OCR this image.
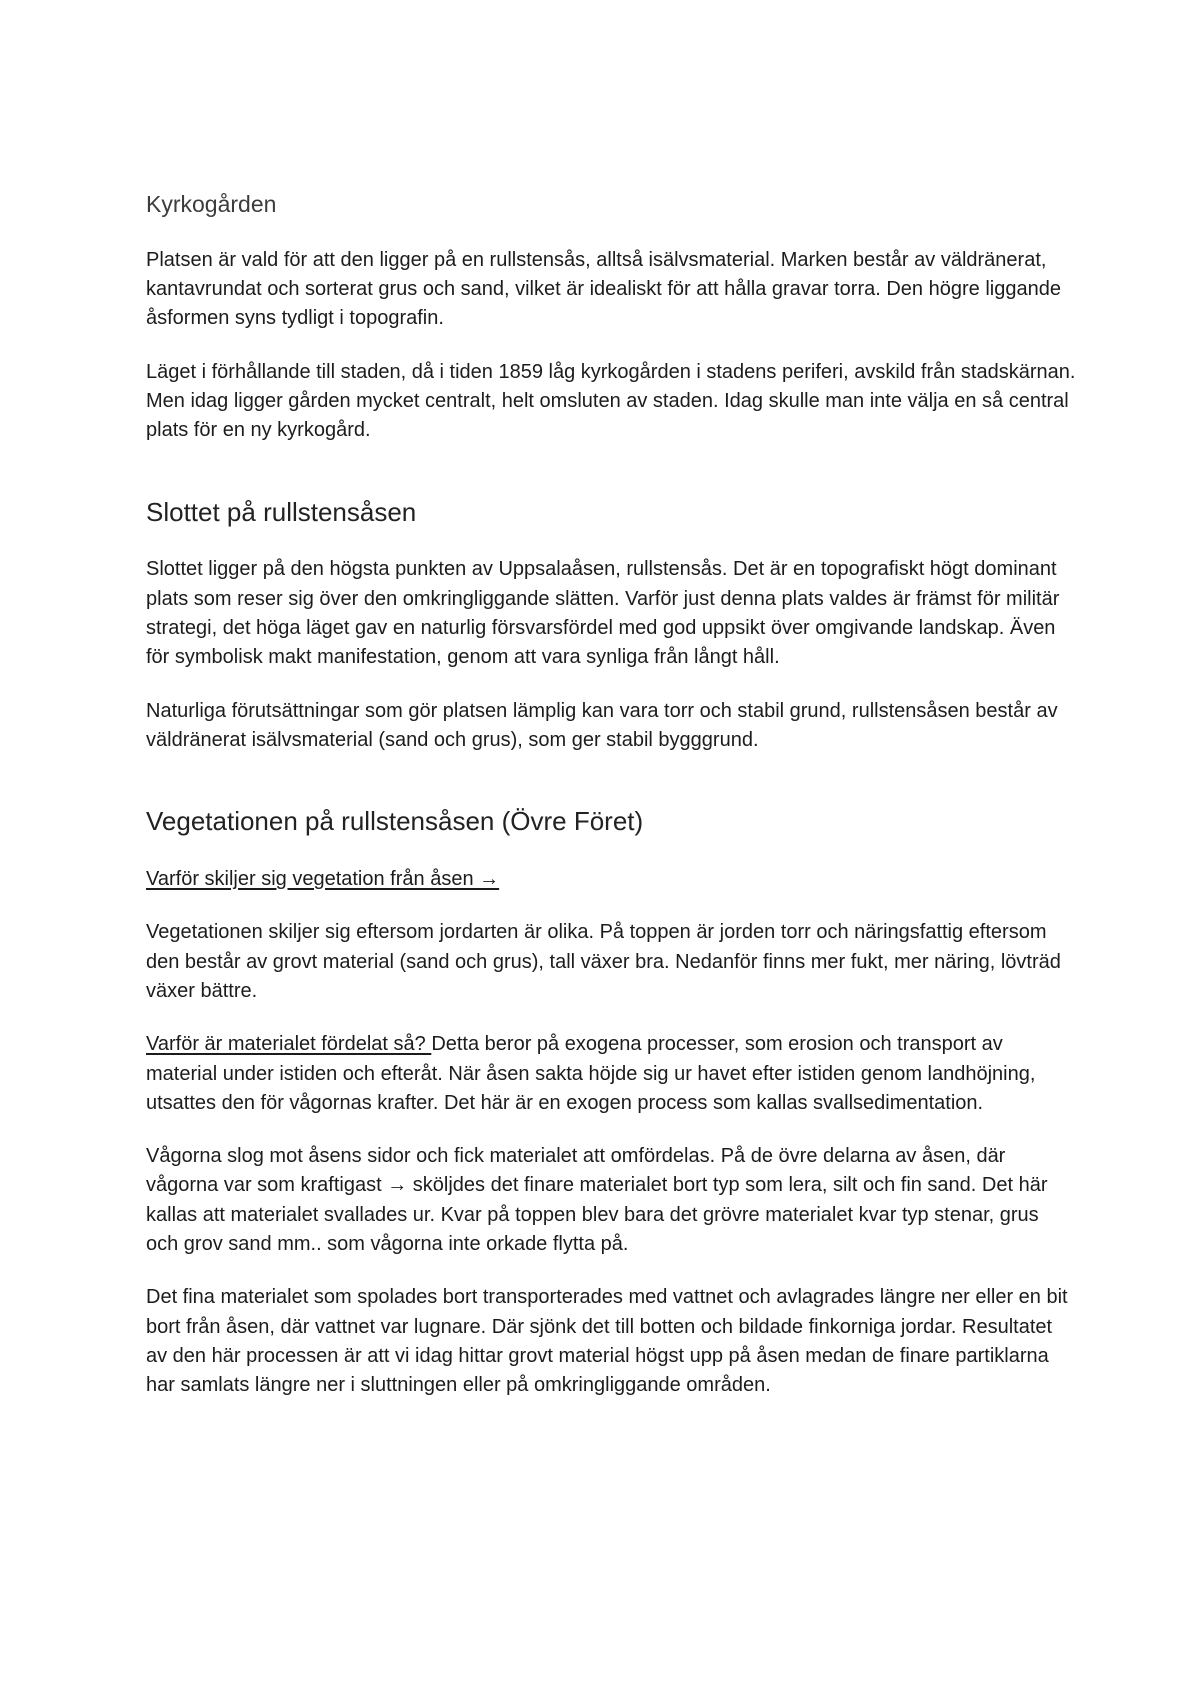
Kyrkogården

Platsen är vald för att den ligger på en rullstensås, alltså isälvsmaterial. Marken består av väldränerat, kantavrundat och sorterat grus och sand, vilket är idealiskt för att hålla gravar torra. Den högre liggande åsformen syns tydligt i topografin.

Läget i förhållande till staden, då i tiden 1859 låg kyrkogården i stadens periferi, avskild från stadskärnan. Men idag ligger gården mycket centralt, helt omsluten av staden. Idag skulle man inte välja en så central plats för en ny kyrkogård.

Slottet på rullstensåsen

Slottet ligger på den högsta punkten av Uppsalaåsen, rullstensås. Det är en topografiskt högt dominant plats som reser sig över den omkringliggande slätten. Varför just denna plats valdes är främst för militär strategi, det höga läget gav en naturlig försvarsfördel med god uppsikt över omgivande landskap. Även för symbolisk makt manifestation, genom att vara synliga från långt håll.

Naturliga förutsättningar som gör platsen lämplig kan vara torr och stabil grund, rullstensåsen består av väldränerat isälvsmaterial (sand och grus), som ger stabil bygggrund.

Vegetationen på rullstensåsen (Övre Föret)

Varför skiljer sig vegetation från åsen →

Vegetationen skiljer sig eftersom jordarten är olika. På toppen är jorden torr och näringsfattig eftersom den består av grovt material (sand och grus), tall växer bra. Nedanför finns mer fukt, mer näring, lövträd växer bättre.

Varför är materialet fördelat så? Detta beror på exogena processer, som erosion och transport av material under istiden och efteråt. När åsen sakta höjde sig ur havet efter istiden genom landhöjning, utsattes den för vågornas krafter. Det här är en exogen process som kallas svallsedimentation.

Vågorna slog mot åsens sidor och fick materialet att omfördelas. På de övre delarna av åsen, där vågorna var som kraftigast → sköljdes det finare materialet bort typ som lera, silt och fin sand. Det här kallas att materialet svallades ur. Kvar på toppen blev bara det grövre materialet kvar typ stenar, grus och grov sand mm.. som vågorna inte orkade flytta på.

Det fina materialet som spolades bort transporterades med vattnet och avlagrades längre ner eller en bit bort från åsen, där vattnet var lugnare. Där sjönk det till botten och bildade finkorniga jordar. Resultatet av den här processen är att vi idag hittar grovt material högst upp på åsen medan de finare partiklarna har samlats längre ner i sluttningen eller på omkringliggande områden.
